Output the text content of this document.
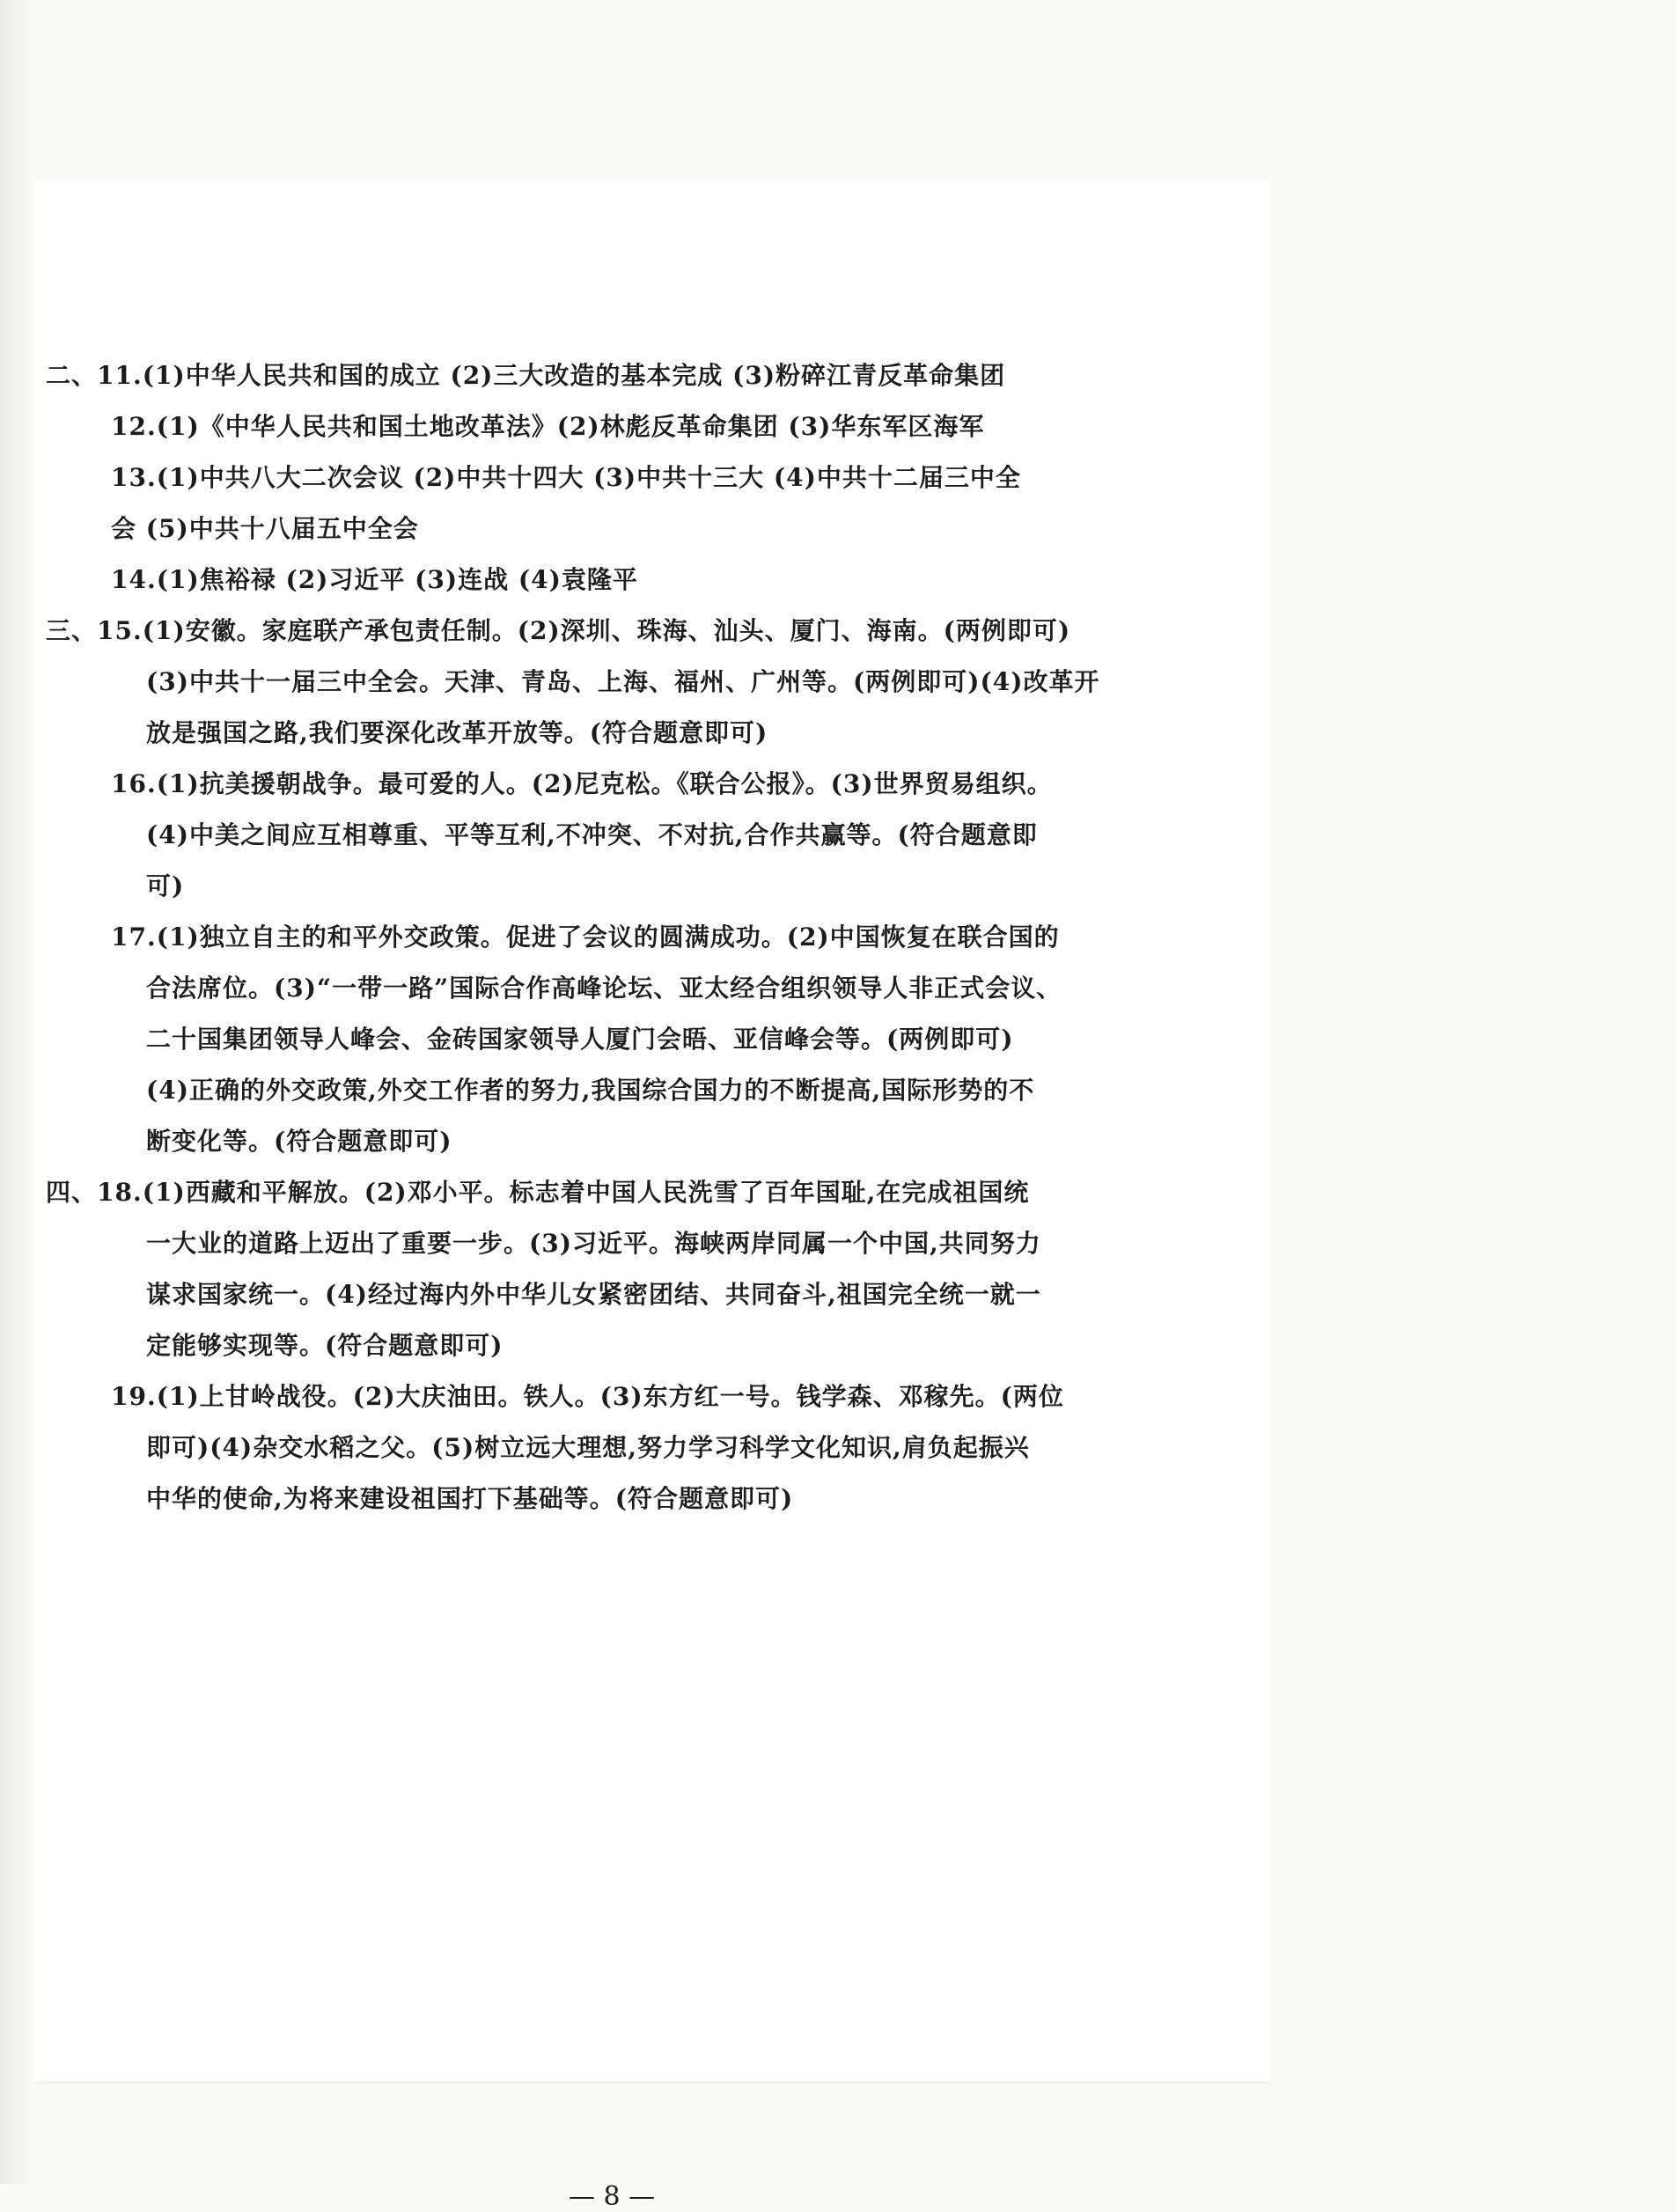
二、11.(1)中华人民共和国的成立 (2)三大改造的基本完成 (3)粉碎江青反革命集团
12.(1)《中华人民共和国土地改革法》(2)林彪反革命集团 (3)华东军区海军
13.(1)中共八大二次会议 (2)中共十四大 (3)中共十三大 (4)中共十二届三中全
会 (5)中共十八届五中全会
14.(1)焦裕禄 (2)习近平 (3)连战 (4)袁隆平
三、15.(1)安徽。家庭联产承包责任制。(2)深圳、珠海、汕头、厦门、海南。(两例即可)
(3)中共十一届三中全会。天津、青岛、上海、福州、广州等。(两例即可)(4)改革开
放是强国之路,我们要深化改革开放等。(符合题意即可)
16.(1)抗美援朝战争。最可爱的人。(2)尼克松。《联合公报》。(3)世界贸易组织。
(4)中美之间应互相尊重、平等互利,不冲突、不对抗,合作共赢等。(符合题意即
可)
17.(1)独立自主的和平外交政策。促进了会议的圆满成功。(2)中国恢复在联合国的
合法席位。(3)“一带一路”国际合作高峰论坛、亚太经合组织领导人非正式会议、
二十国集团领导人峰会、金砖国家领导人厦门会晤、亚信峰会等。(两例即可)
(4)正确的外交政策,外交工作者的努力,我国综合国力的不断提高,国际形势的不
断变化等。(符合题意即可)
四、18.(1)西藏和平解放。(2)邓小平。标志着中国人民洗雪了百年国耻,在完成祖国统
一大业的道路上迈出了重要一步。(3)习近平。海峡两岸同属一个中国,共同努力
谋求国家统一。(4)经过海内外中华儿女紧密团结、共同奋斗,祖国完全统一就一
定能够实现等。(符合题意即可)
19.(1)上甘岭战役。(2)大庆油田。铁人。(3)东方红一号。钱学森、邓稼先。(两位
即可)(4)杂交水稻之父。(5)树立远大理想,努力学习科学文化知识,肩负起振兴
中华的使命,为将来建设祖国打下基础等。(符合题意即可)
— 8 —
